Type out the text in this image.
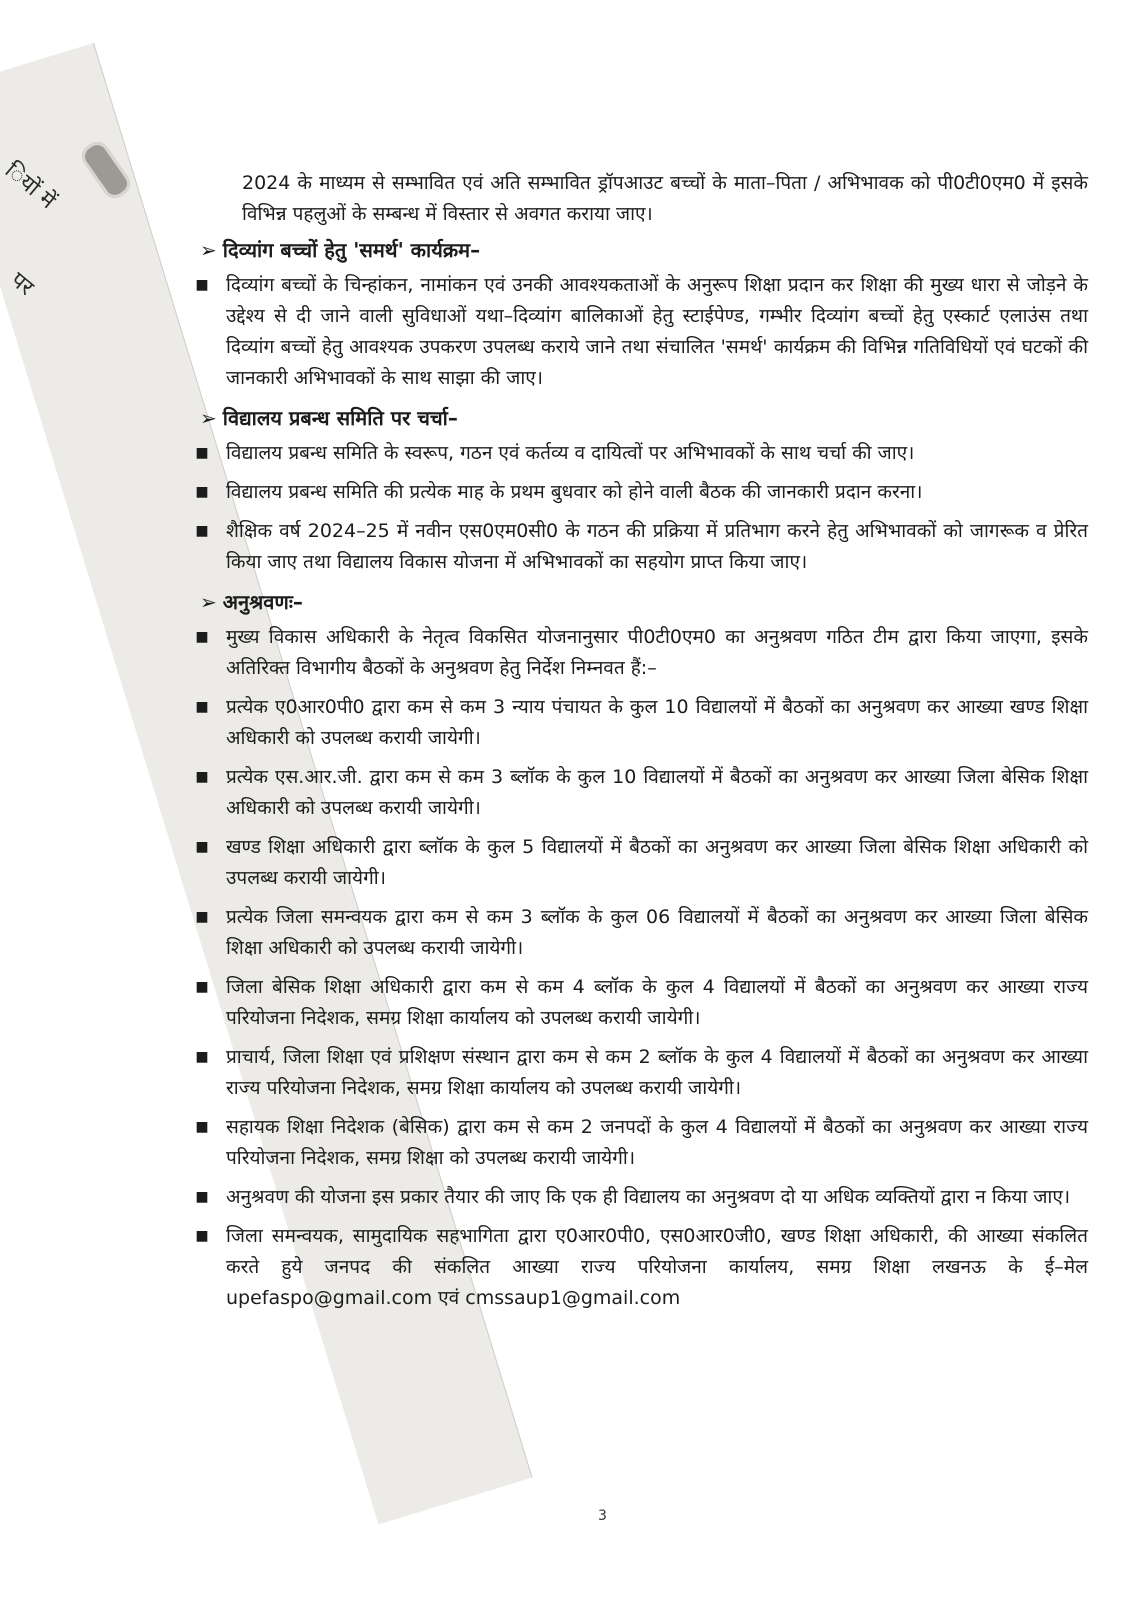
ियों में
पर

2024 के माध्यम से सम्भावित एवं अति सम्भावित ड्रॉपआउट बच्चों के माता–पिता / अभिभावक को पी0टी0एम0 में इसके विभिन्न पहलुओं के सम्बन्ध में विस्तार से अवगत कराया जाए।

➢ दिव्यांग बच्चों हेतु 'समर्थ' कार्यक्रम–
■ दिव्यांग बच्चों के चिन्हांकन, नामांकन एवं उनकी आवश्यकताओं के अनुरूप शिक्षा प्रदान कर शिक्षा की मुख्य धारा से जोड़ने के उद्देश्य से दी जाने वाली सुविधाओं यथा–दिव्यांग बालिकाओं हेतु स्टाईपेण्ड, गम्भीर दिव्यांग बच्चों हेतु एस्कार्ट एलाउंस तथा दिव्यांग बच्चों हेतु आवश्यक उपकरण उपलब्ध कराये जाने तथा संचालित 'समर्थ' कार्यक्रम की विभिन्न गतिविधियों एवं घटकों की जानकारी अभिभावकों के साथ साझा की जाए।
➢ विद्यालय प्रबन्ध समिति पर चर्चा–
■ विद्यालय प्रबन्ध समिति के स्वरूप, गठन एवं कर्तव्य व दायित्वों पर अभिभावकों के साथ चर्चा की जाए।
■ विद्यालय प्रबन्ध समिति की प्रत्येक माह के प्रथम बुधवार को होने वाली बैठक की जानकारी प्रदान करना।
■ शैक्षिक वर्ष 2024–25 में नवीन एस0एम0सी0 के गठन की प्रक्रिया में प्रतिभाग करने हेतु अभिभावकों को जागरूक व प्रेरित किया जाए तथा विद्यालय विकास योजना में अभिभावकों का सहयोग प्राप्त किया जाए।
➢ अनुश्रवणः–
■ मुख्य विकास अधिकारी के नेतृत्व विकसित योजनानुसार पी0टी0एम0 का अनुश्रवण गठित टीम द्वारा किया जाएगा, इसके अतिरिक्त विभागीय बैठकों के अनुश्रवण हेतु निर्देश निम्नवत हैं:–
■ प्रत्येक ए0आर0पी0 द्वारा कम से कम 3 न्याय पंचायत के कुल 10 विद्यालयों में बैठकों का अनुश्रवण कर आख्या खण्ड शिक्षा अधिकारी को उपलब्ध करायी जायेगी।
■ प्रत्येक एस.आर.जी. द्वारा कम से कम 3 ब्लॉक के कुल 10 विद्यालयों में बैठकों का अनुश्रवण कर आख्या जिला बेसिक शिक्षा अधिकारी को उपलब्ध करायी जायेगी।
■ खण्ड शिक्षा अधिकारी द्वारा ब्लॉक के कुल 5 विद्यालयों में बैठकों का अनुश्रवण कर आख्या जिला बेसिक शिक्षा अधिकारी को उपलब्ध करायी जायेगी।
■ प्रत्येक जिला समन्वयक द्वारा कम से कम 3 ब्लॉक के कुल 06 विद्यालयों में बैठकों का अनुश्रवण कर आख्या जिला बेसिक शिक्षा अधिकारी को उपलब्ध करायी जायेगी।
■ जिला बेसिक शिक्षा अधिकारी द्वारा कम से कम 4 ब्लॉक के कुल 4 विद्यालयों में बैठकों का अनुश्रवण कर आख्या राज्य परियोजना निदेशक, समग्र शिक्षा कार्यालय को उपलब्ध करायी जायेगी।
■ प्राचार्य, जिला शिक्षा एवं प्रशिक्षण संस्थान द्वारा कम से कम 2 ब्लॉक के कुल 4 विद्यालयों में बैठकों का अनुश्रवण कर आख्या राज्य परियोजना निदेशक, समग्र शिक्षा कार्यालय को उपलब्ध करायी जायेगी।
■ सहायक शिक्षा निदेशक (बेसिक) द्वारा कम से कम 2 जनपदों के कुल 4 विद्यालयों में बैठकों का अनुश्रवण कर आख्या राज्य परियोजना निदेशक, समग्र शिक्षा को उपलब्ध करायी जायेगी।
■ अनुश्रवण की योजना इस प्रकार तैयार की जाए कि एक ही विद्यालय का अनुश्रवण दो या अधिक व्यक्तियों द्वारा न किया जाए।
■ जिला समन्वयक, सामुदायिक सहभागिता द्वारा ए0आर0पी0, एस0आर0जी0, खण्ड शिक्षा अधिकारी, की आख्या संकलित करते हुये जनपद की संकलित आख्या राज्य परियोजना कार्यालय, समग्र शिक्षा लखनऊ के ई–मेल upefaspo@gmail.com एवं cmssaup1@gmail.com
3
